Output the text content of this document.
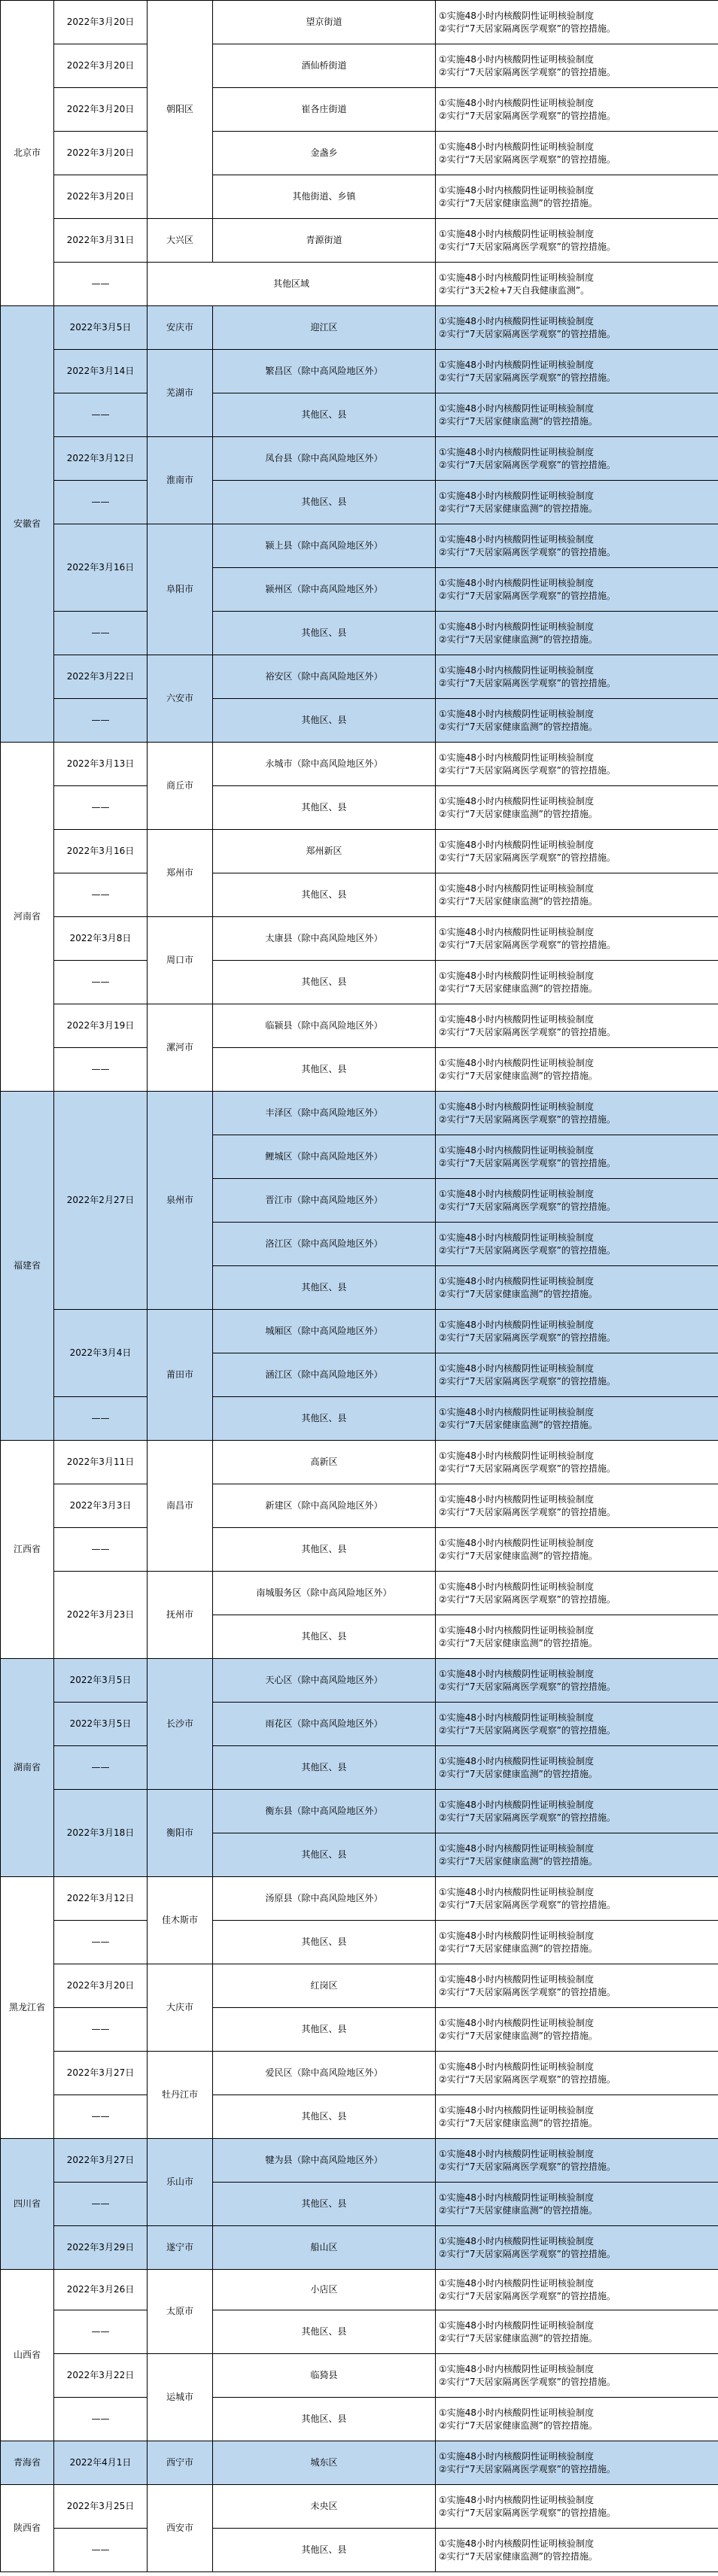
北京市	2022年3月20日	朝阳区	望京街道	①实施48小时内核酸阴性证明核验制度
②实行“7天居家隔离医学观察”的管控措施。
	2022年3月20日		酒仙桥街道	①实施48小时内核酸阴性证明核验制度
②实行“7天居家隔离医学观察”的管控措施。
	2022年3月20日		崔各庄街道	①实施48小时内核酸阴性证明核验制度
②实行“7天居家隔离医学观察”的管控措施。
	2022年3月20日		金盏乡	①实施48小时内核酸阴性证明核验制度
②实行“7天居家隔离医学观察”的管控措施。
	2022年3月20日		其他街道、乡镇	①实施48小时内核酸阴性证明核验制度
②实行“7天居家健康监测”的管控措施。
	2022年3月31日	大兴区	青源街道	①实施48小时内核酸阴性证明核验制度
②实行“7天居家隔离医学观察”的管控措施。
	——	其他区域		①实施48小时内核酸阴性证明核验制度
②实行“3天2检+7天自我健康监测”。
安徽省	2022年3月5日	安庆市	迎江区	①实施48小时内核酸阴性证明核验制度
②实行“7天居家隔离医学观察”的管控措施。
	2022年3月14日	芜湖市	繁昌区（除中高风险地区外）	①实施48小时内核酸阴性证明核验制度
②实行“7天居家隔离医学观察”的管控措施。
	——		其他区、县	①实施48小时内核酸阴性证明核验制度
②实行“7天居家健康监测”的管控措施。
	2022年3月12日	淮南市	凤台县（除中高风险地区外）	①实施48小时内核酸阴性证明核验制度
②实行“7天居家隔离医学观察”的管控措施。
	——		其他区、县	①实施48小时内核酸阴性证明核验制度
②实行“7天居家健康监测”的管控措施。
	2022年3月16日	阜阳市	颍上县（除中高风险地区外）	①实施48小时内核酸阴性证明核验制度
②实行“7天居家隔离医学观察”的管控措施。
			颍州区（除中高风险地区外）	①实施48小时内核酸阴性证明核验制度
②实行“7天居家隔离医学观察”的管控措施。
	——		其他区、县	①实施48小时内核酸阴性证明核验制度
②实行“7天居家健康监测”的管控措施。
	2022年3月22日	六安市	裕安区（除中高风险地区外）	①实施48小时内核酸阴性证明核验制度
②实行“7天居家隔离医学观察”的管控措施。
	——		其他区、县	①实施48小时内核酸阴性证明核验制度
②实行“7天居家健康监测”的管控措施。
河南省	2022年3月13日	商丘市	永城市（除中高风险地区外）	①实施48小时内核酸阴性证明核验制度
②实行“7天居家隔离医学观察”的管控措施。
	——		其他区、县	①实施48小时内核酸阴性证明核验制度
②实行“7天居家健康监测”的管控措施。
	2022年3月16日	郑州市	郑州新区	①实施48小时内核酸阴性证明核验制度
②实行“7天居家隔离医学观察”的管控措施。
	——		其他区、县	①实施48小时内核酸阴性证明核验制度
②实行“7天居家健康监测”的管控措施。
	2022年3月8日	周口市	太康县（除中高风险地区外）	①实施48小时内核酸阴性证明核验制度
②实行“7天居家隔离医学观察”的管控措施。
	——		其他区、县	①实施48小时内核酸阴性证明核验制度
②实行“7天居家健康监测”的管控措施。
	2022年3月19日	漯河市	临颍县（除中高风险地区外）	①实施48小时内核酸阴性证明核验制度
②实行“7天居家隔离医学观察”的管控措施。
	——		其他区、县	①实施48小时内核酸阴性证明核验制度
②实行“7天居家健康监测”的管控措施。
福建省	2022年2月27日	泉州市	丰泽区（除中高风险地区外）	①实施48小时内核酸阴性证明核验制度
②实行“7天居家隔离医学观察”的管控措施。
			鲤城区（除中高风险地区外）	①实施48小时内核酸阴性证明核验制度
②实行“7天居家隔离医学观察”的管控措施。
			晋江市（除中高风险地区外）	①实施48小时内核酸阴性证明核验制度
②实行“7天居家隔离医学观察”的管控措施。
			洛江区（除中高风险地区外）	①实施48小时内核酸阴性证明核验制度
②实行“7天居家隔离医学观察”的管控措施。
			其他区、县	①实施48小时内核酸阴性证明核验制度
②实行“7天居家健康监测”的管控措施。
	2022年3月4日	莆田市	城厢区（除中高风险地区外）	①实施48小时内核酸阴性证明核验制度
②实行“7天居家隔离医学观察”的管控措施。
			涵江区（除中高风险地区外）	①实施48小时内核酸阴性证明核验制度
②实行“7天居家隔离医学观察”的管控措施。
	——		其他区、县	①实施48小时内核酸阴性证明核验制度
②实行“7天居家健康监测”的管控措施。
江西省	2022年3月11日	南昌市	高新区	①实施48小时内核酸阴性证明核验制度
②实行“7天居家隔离医学观察”的管控措施。
	2022年3月3日		新建区（除中高风险地区外）	①实施48小时内核酸阴性证明核验制度
②实行“7天居家隔离医学观察”的管控措施。
	——		其他区、县	①实施48小时内核酸阴性证明核验制度
②实行“7天居家健康监测”的管控措施。
	2022年3月23日	抚州市	南城服务区（除中高风险地区外）	①实施48小时内核酸阴性证明核验制度
②实行“7天居家隔离医学观察”的管控措施。
			其他区、县	①实施48小时内核酸阴性证明核验制度
②实行“7天居家健康监测”的管控措施。
湖南省	2022年3月5日	长沙市	天心区（除中高风险地区外）	①实施48小时内核酸阴性证明核验制度
②实行“7天居家隔离医学观察”的管控措施。
	2022年3月5日		雨花区（除中高风险地区外）	①实施48小时内核酸阴性证明核验制度
②实行“7天居家隔离医学观察”的管控措施。
	——		其他区、县	①实施48小时内核酸阴性证明核验制度
②实行“7天居家健康监测”的管控措施。
	2022年3月18日	衡阳市	衡东县（除中高风险地区外）	①实施48小时内核酸阴性证明核验制度
②实行“7天居家隔离医学观察”的管控措施。
			其他区、县	①实施48小时内核酸阴性证明核验制度
②实行“7天居家健康监测”的管控措施。
黑龙江省	2022年3月12日	佳木斯市	汤原县（除中高风险地区外）	①实施48小时内核酸阴性证明核验制度
②实行“7天居家隔离医学观察”的管控措施。
	——		其他区、县	①实施48小时内核酸阴性证明核验制度
②实行“7天居家健康监测”的管控措施。
	2022年3月20日	大庆市	红岗区	①实施48小时内核酸阴性证明核验制度
②实行“7天居家隔离医学观察”的管控措施。
	——		其他区、县	①实施48小时内核酸阴性证明核验制度
②实行“7天居家健康监测”的管控措施。
	2022年3月27日	牡丹江市	爱民区（除中高风险地区外）	①实施48小时内核酸阴性证明核验制度
②实行“7天居家隔离医学观察”的管控措施。
	——		其他区、县	①实施48小时内核酸阴性证明核验制度
②实行“7天居家健康监测”的管控措施。
四川省	2022年3月27日	乐山市	犍为县（除中高风险地区外）	①实施48小时内核酸阴性证明核验制度
②实行“7天居家隔离医学观察”的管控措施。
	——		其他区、县	①实施48小时内核酸阴性证明核验制度
②实行“7天居家健康监测”的管控措施。
	2022年3月29日	遂宁市	船山区	①实施48小时内核酸阴性证明核验制度
②实行“7天居家隔离医学观察”的管控措施。
山西省	2022年3月26日	太原市	小店区	①实施48小时内核酸阴性证明核验制度
②实行“7天居家隔离医学观察”的管控措施。
	——		其他区、县	①实施48小时内核酸阴性证明核验制度
②实行“7天居家健康监测”的管控措施。
	2022年3月22日	运城市	临猗县	①实施48小时内核酸阴性证明核验制度
②实行“7天居家隔离医学观察”的管控措施。
	——		其他区、县	①实施48小时内核酸阴性证明核验制度
②实行“7天居家健康监测”的管控措施。
青海省	2022年4月1日	西宁市	城东区	①实施48小时内核酸阴性证明核验制度
②实行“7天居家隔离医学观察”的管控措施。
陕西省	2022年3月25日	西安市	未央区	①实施48小时内核酸阴性证明核验制度
②实行“7天居家隔离医学观察”的管控措施。
	——		其他区、县	①实施48小时内核酸阴性证明核验制度
②实行“7天居家健康监测”的管控措施。
